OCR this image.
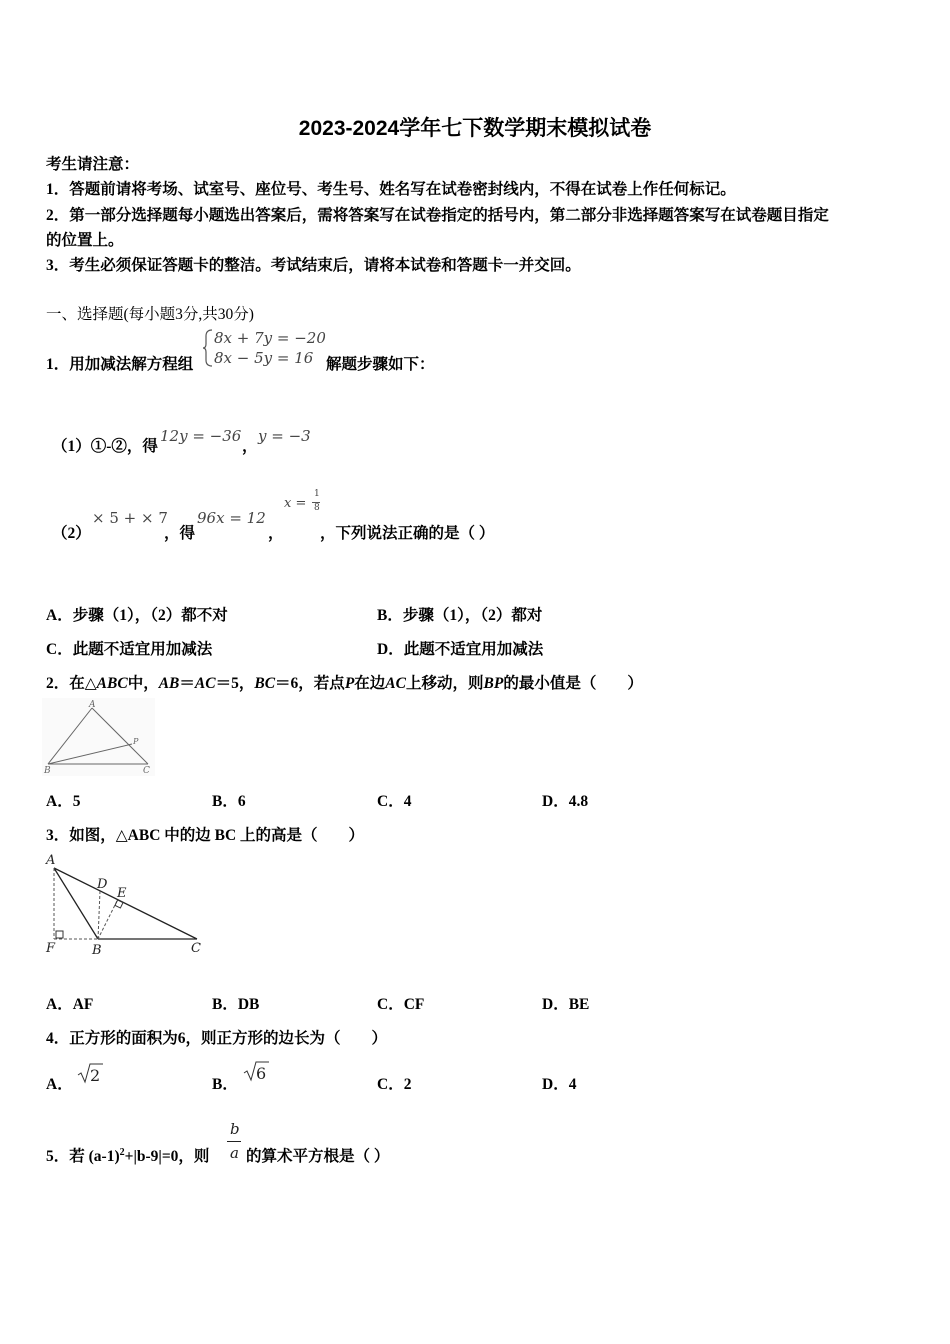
2023-2024学年七下数学期末模拟试卷
考生请注意：
1．答题前请将考场、试室号、座位号、考生号、姓名写在试卷密封线内，不得在试卷上作任何标记。
2．第一部分选择题每小题选出答案后，需将答案写在试卷指定的括号内，第二部分非选择题答案写在试卷题目指定
的位置上。
3．考生必须保证答题卡的整洁。考试结束后，请将本试卷和答题卡一并交回。
一、选择题(每小题3分,共30分)
1．用加减法解方程组
8x + 7y = −20
8x − 5y = 16 解题步骤如下：
（1）①-②，得
12y = −36
，
y = −3
（2）
× 5 + × 7
，得
96x = 12
，
x =
1
8
，下列说法正确的是（ ）
A．步骤（1），（2）都不对	B．步骤（1），（2）都对
C．此题不适宜用加减法	D．此题不适宜用加减法
2．在△ABC中，AB＝AC＝5，BC＝6，若点P在边AC上移动，则BP的最小值是（　　）
A
B	C
P
A．5	B．6	C．4	D．4.8
3．如图，△ABC 中的边 BC 上的高是（　　）
A
D
E
F	B	C
A．AF	B．DB	C．CF	D．BE
4．正方形的面积为6，则正方形的边长为（　　）
A． 2	B．
6
C．2	D．4
5．若 $(a-1)^2+|b-9|=0$，则
b
a 的算术平方根是（ ）
